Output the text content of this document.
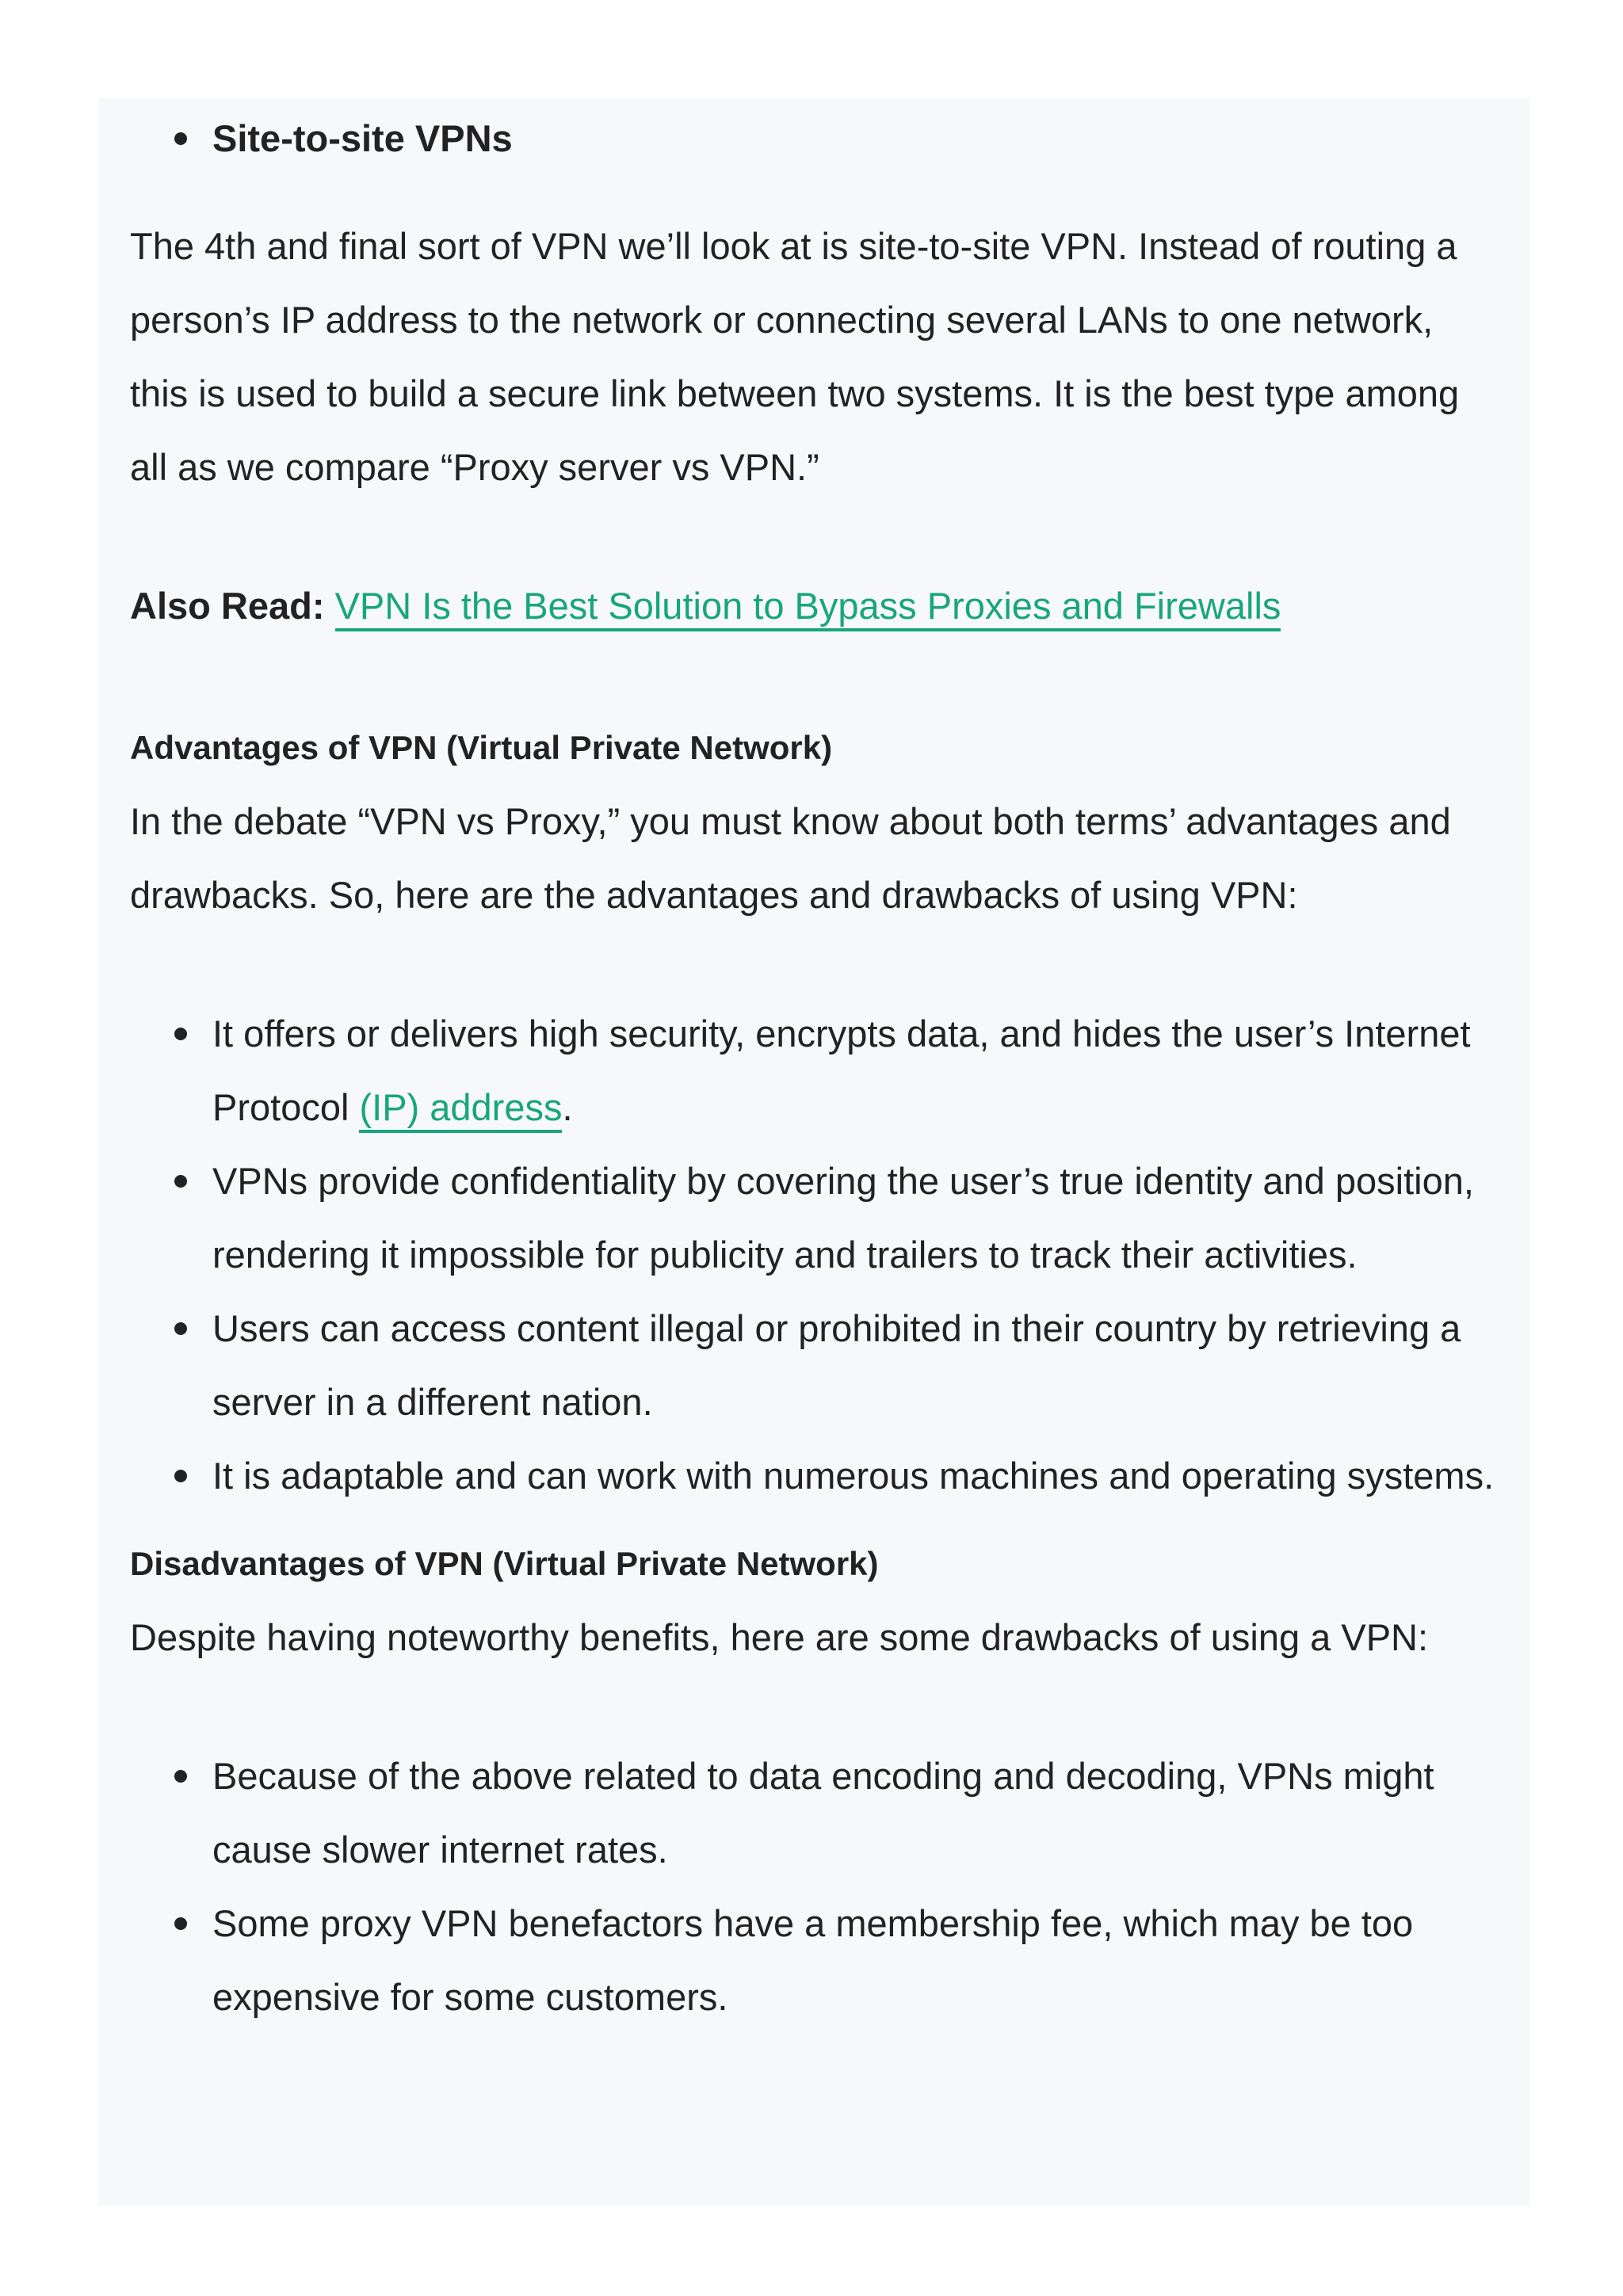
Site-to-site VPNs

The 4th and final sort of VPN we’ll look at is site-to-site VPN. Instead of routing a person’s IP address to the network or connecting several LANs to one network, this is used to build a secure link between two systems. It is the best type among all as we compare “Proxy server vs VPN.”

Also Read: VPN Is the Best Solution to Bypass Proxies and Firewalls

Advantages of VPN (Virtual Private Network)

In the debate “VPN vs Proxy,” you must know about both terms’ advantages and drawbacks. So, here are the advantages and drawbacks of using VPN:

It offers or delivers high security, encrypts data, and hides the user’s Internet Protocol (IP) address.
VPNs provide confidentiality by covering the user’s true identity and position, rendering it impossible for publicity and trailers to track their activities.
Users can access content illegal or prohibited in their country by retrieving a server in a different nation.
It is adaptable and can work with numerous machines and operating systems.
Disadvantages of VPN (Virtual Private Network)

Despite having noteworthy benefits, here are some drawbacks of using a VPN:

Because of the above related to data encoding and decoding, VPNs might cause slower internet rates.
Some proxy VPN benefactors have a membership fee, which may be too expensive for some customers.
